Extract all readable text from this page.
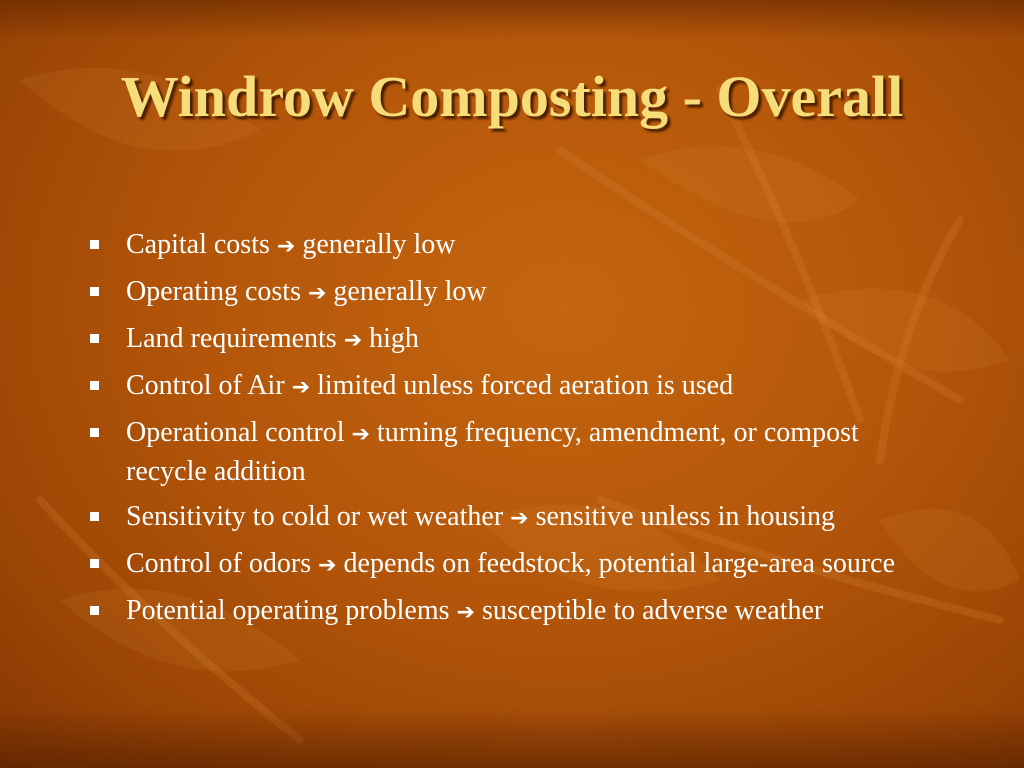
Windrow Composting - Overall
Capital costs ➔ generally low
Operating costs ➔ generally low
Land requirements ➔ high
Control of Air ➔ limited unless forced aeration is used
Operational control ➔ turning frequency, amendment, or compost recycle addition
Sensitivity to cold or wet weather ➔ sensitive unless in housing
Control of odors ➔ depends on feedstock, potential large-area source
Potential operating problems ➔ susceptible to adverse weather
